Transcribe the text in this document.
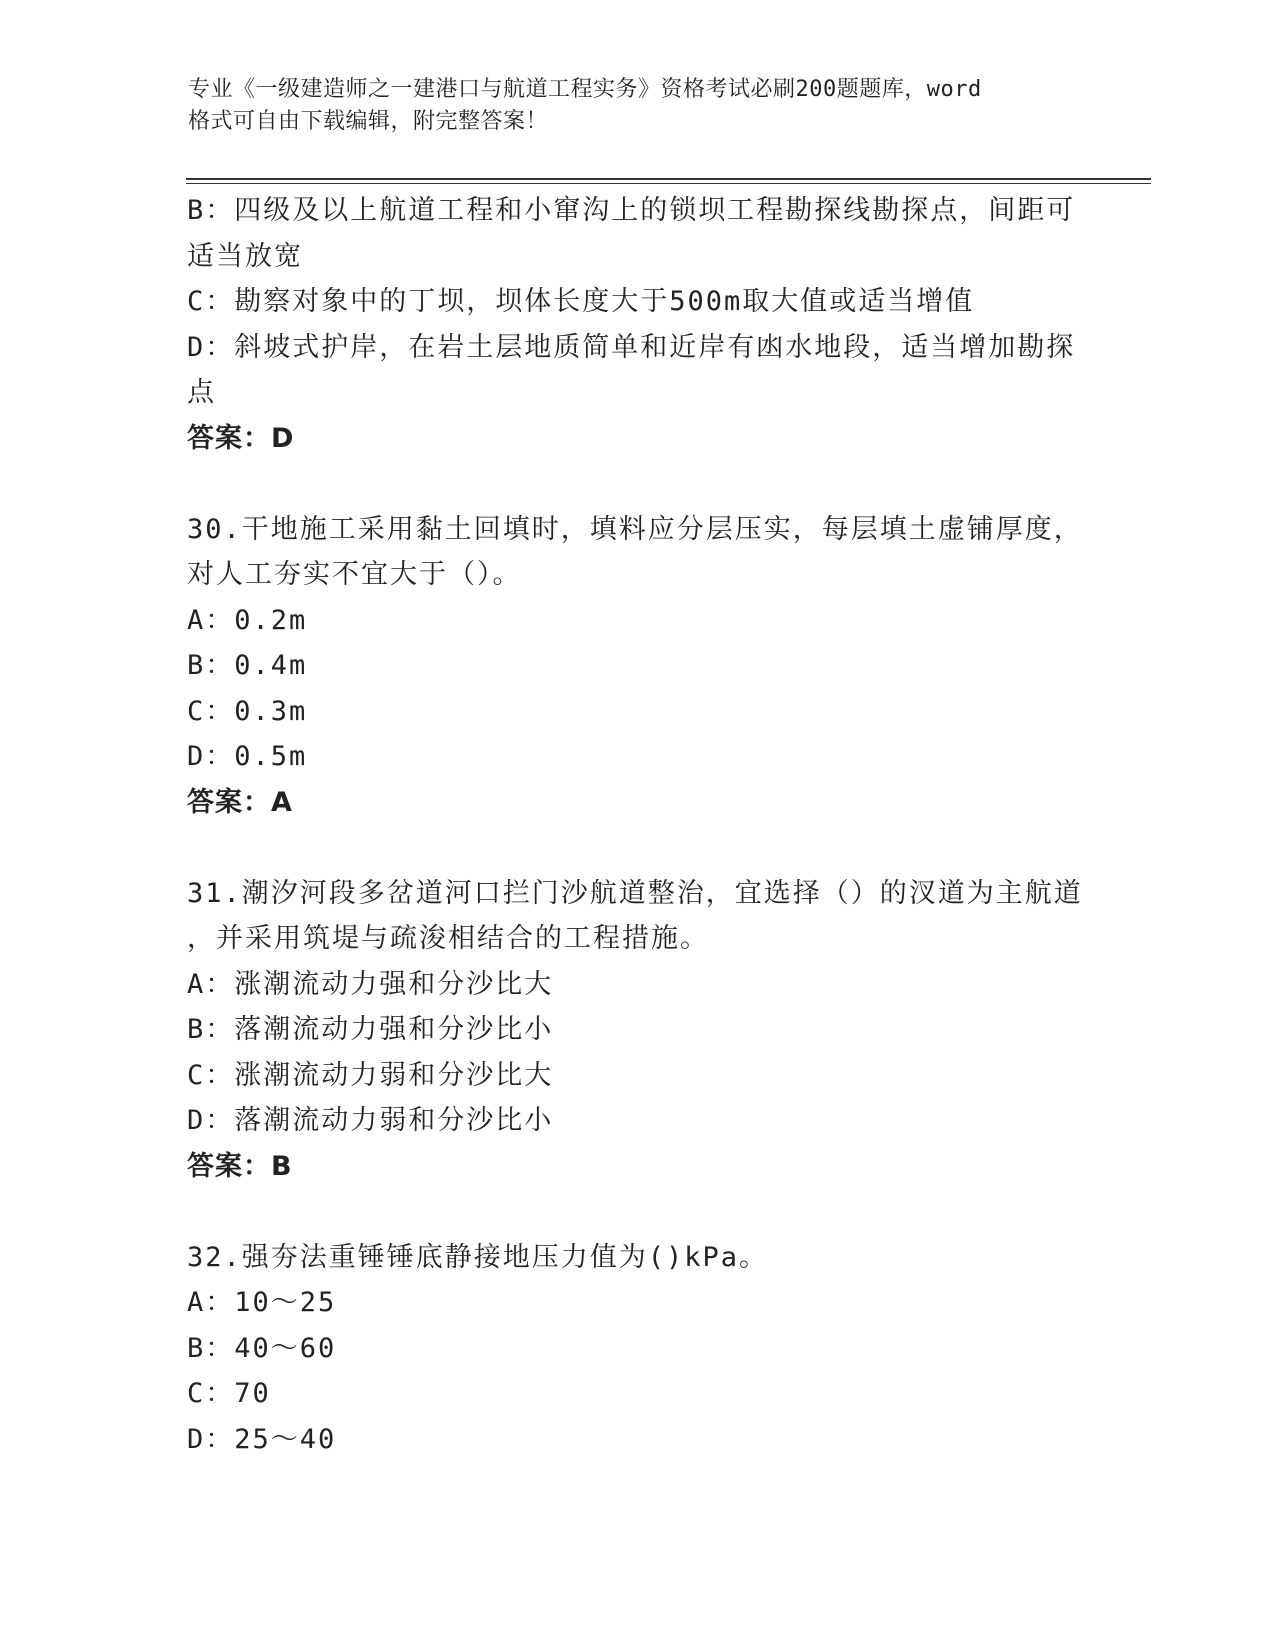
专业《一级建造师之一建港口与航道工程实务》资格考试必刷200题题库，word
格式可自由下载编辑，附完整答案！
B：四级及以上航道工程和小窜沟上的锁坝工程勘探线勘探点，间距可
适当放宽
C：勘察对象中的丁坝，坝体长度大于500m取大值或适当增值
D：斜坡式护岸，在岩土层地质简单和近岸有凼水地段，适当增加勘探
点
答案：D
30.干地施工采用黏土回填时，填料应分层压实，每层填土虚铺厚度，
对人工夯实不宜大于（）。
A：0.2m
B：0.4m
C：0.3m
D：0.5m
答案：A
31.潮汐河段多岔道河口拦门沙航道整治，宜选择（）的汊道为主航道
，并采用筑堤与疏浚相结合的工程措施。
A：涨潮流动力强和分沙比大
B：落潮流动力强和分沙比小
C：涨潮流动力弱和分沙比大
D：落潮流动力弱和分沙比小
答案：B
32.强夯法重锤锤底静接地压力值为()kPa。
A：10～25
B：40～60
C：70
D：25～40
